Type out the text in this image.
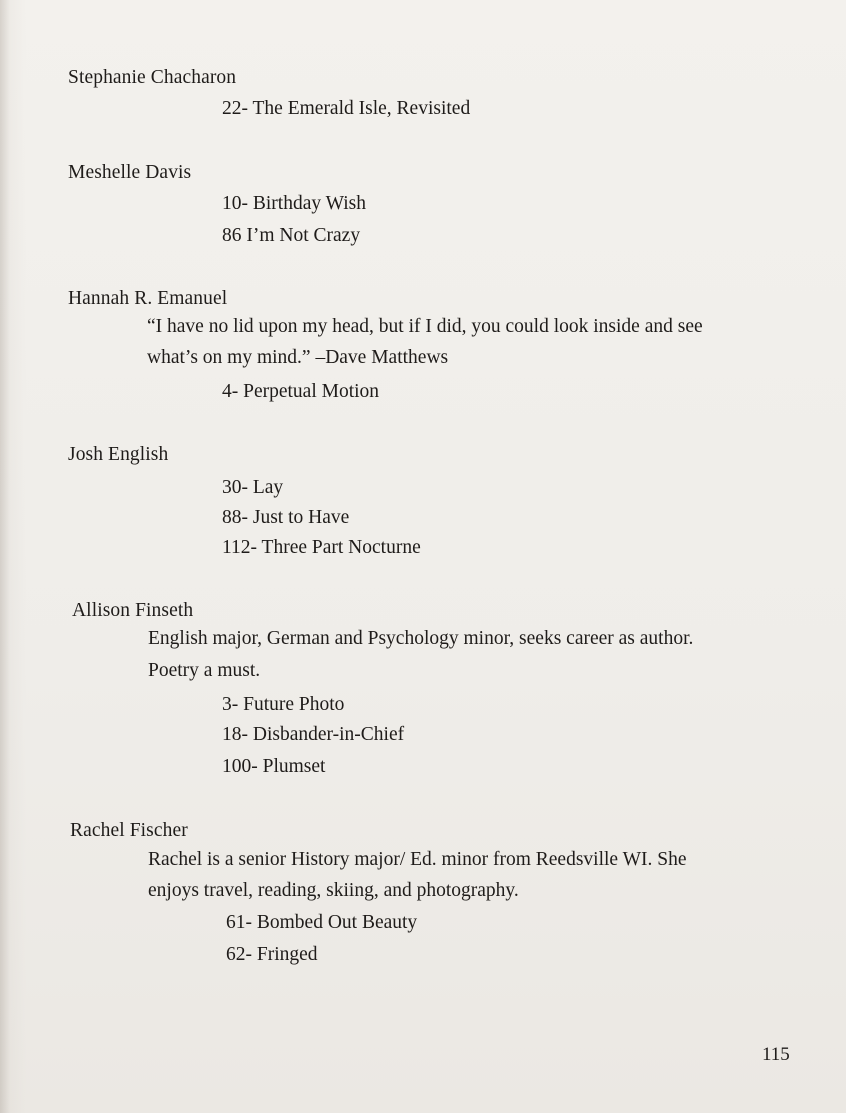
Stephanie Chacharon
22- The Emerald Isle, Revisited
Meshelle Davis
10- Birthday Wish
86 I’m Not Crazy
Hannah R. Emanuel
“I have no lid upon my head, but if I did, you could look inside and see
what’s on my mind.” –Dave Matthews
4- Perpetual Motion
Josh English
30- Lay
88- Just to Have
112- Three Part Nocturne
Allison Finseth
English major, German and Psychology minor, seeks career as author.
Poetry a must.
3- Future Photo
18- Disbander-in-Chief
100- Plumset
Rachel Fischer
Rachel is a senior History major/ Ed. minor from Reedsville WI. She
enjoys travel, reading, skiing, and photography.
61- Bombed Out Beauty
62- Fringed
115
